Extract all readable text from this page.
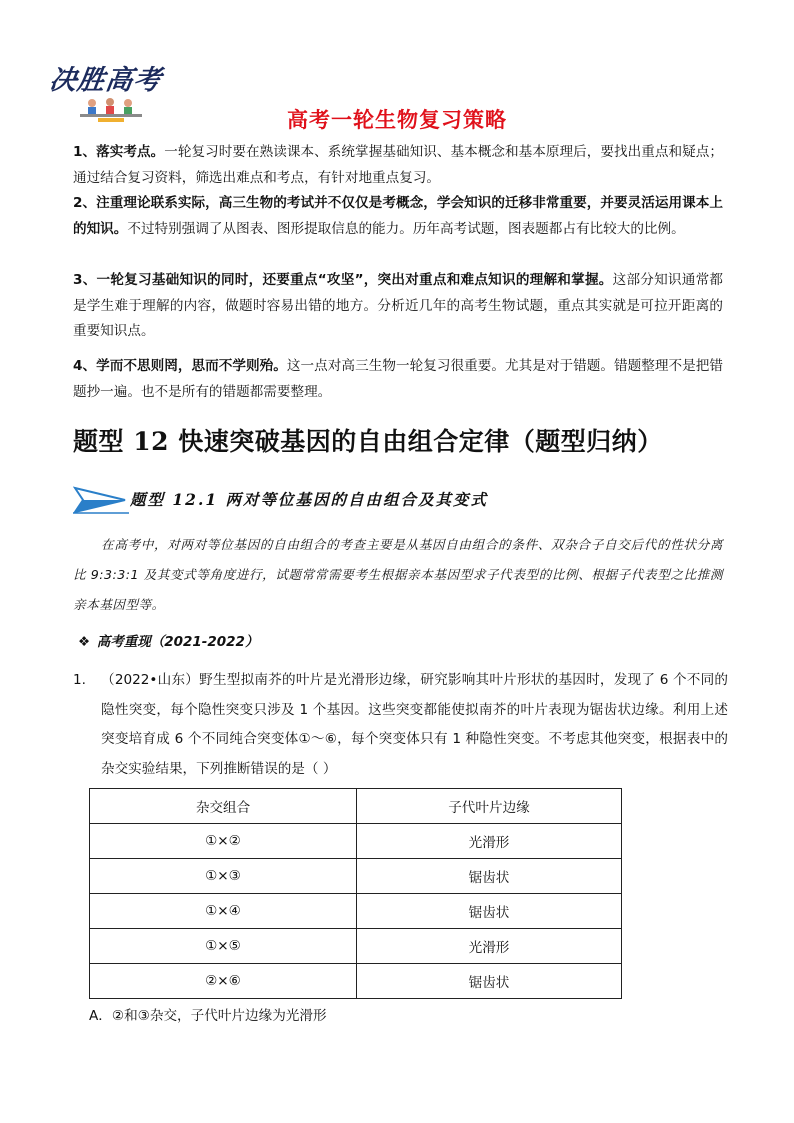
决胜高考
高考一轮生物复习策略
1、落实考点。一轮复习时要在熟读课本、系统掌握基础知识、基本概念和基本原理后，要找出重点和疑点；通过结合复习资料，筛选出难点和考点，有针对地重点复习。
2、注重理论联系实际，高三生物的考试并不仅仅是考概念，学会知识的迁移非常重要，并要灵活运用课本上的知识。不过特别强调了从图表、图形提取信息的能力。历年高考试题，图表题都占有比较大的比例。
3、一轮复习基础知识的同时，还要重点“攻坚”，突出对重点和难点知识的理解和掌握。这部分知识通常都是学生难于理解的内容，做题时容易出错的地方。分析近几年的高考生物试题，重点其实就是可拉开距离的重要知识点。
4、学而不思则罔，思而不学则殆。这一点对高三生物一轮复习很重要。尤其是对于错题。错题整理不是把错题抄一遍。也不是所有的错题都需要整理。
题型 12 快速突破基因的自由组合定律（题型归纳）
题型 12.1 两对等位基因的自由组合及其变式
在高考中，对两对等位基因的自由组合的考查主要是从基因自由组合的条件、双杂合子自交后代的性状分离比 9:3:3:1 及其变式等角度进行，试题常常需要考生根据亲本基因型求子代表型的比例、根据子代表型之比推测亲本基因型等。
❖ 高考重现（2021-2022）
1. （2022•山东）野生型拟南芥的叶片是光滑形边缘，研究影响其叶片形状的基因时，发现了 6 个不同的隐性突变，每个隐性突变只涉及 1 个基因。这些突变都能使拟南芥的叶片表现为锯齿状边缘。利用上述突变培育成 6 个不同纯合突变体①～⑥，每个突变体只有 1 种隐性突变。不考虑其他突变，根据表中的杂交实验结果，下列推断错误的是（ ）
杂交组合	子代叶片边缘
①×②	光滑形
①×③	锯齿状
①×④	锯齿状
①×⑤	光滑形
②×⑥	锯齿状
A．②和③杂交，子代叶片边缘为光滑形
